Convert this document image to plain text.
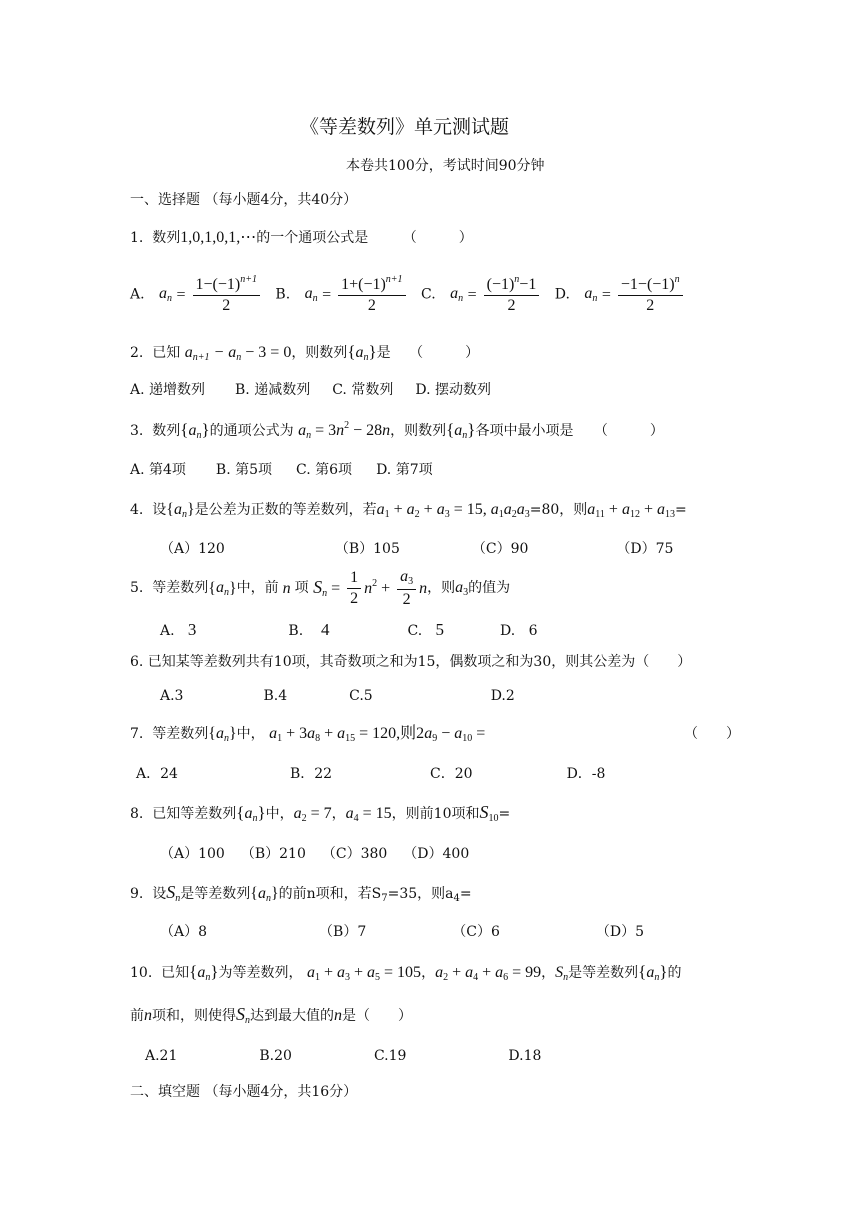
《等差数列》单元测试题
本卷共100分，考试时间90分钟
一、选择题 （每小题4分，共40分）
1. 数列1,0,1,0,1,⋯的一个通项公式是 （　　　）
A. $a_n = \frac{1-(-1)^{n+1}}{2} B$. $a_n = \frac{1+(-1)^{n+1}}{2} C$. $a_n = \frac{(-1)^n-1}{2} D$. $a_n = \frac{-1-(-1)^n}{2}$
2. 已知 $a_{n+1} - a_n - 3 = 0$，则数列$\{a_n\}$是 （　　　）
A. 递增数列 B. 递减数列 C. 常数列 D. 摆动数列
3. 数列$\{a_n\}$的通项公式为 $a_n = 3n^2 - 28n$，则数列$\{a_n\}$各项中最小项是 （　　　）
A. 第4项 B. 第5项 C. 第6项 D. 第7项
4. 设$\{a_n\}$是公差为正数的等差数列，若$a_1 + a_2 + a_3 = 15$, $a_1a_2a_3=80$，则$a_{11} + a_{12} + a_{13}=$
（A）120	（B）105	（C）90	（D）75
5. 等差数列$\{a_n\}$中，前 n 项 $S_n = \frac{1}{2} n^2 + \frac{a_3}{2}$ n，则$a_3$的值为
A. 3	B. 4	C. 5	D. 6
6. 已知某等差数列共有10项，其奇数项之和为15，偶数项之和为30，则其公差为（　　）
A.3	B.4	C.5	D.2
7. 等差数列$\{a_n\}$中， $a_1 + 3a_8 + a_{15} = 120$,则$2a_9 - a_{10}$ =	（　　）
A．24	B．22	C．20	D．-8
8. 已知等差数列$\{a_n\}$中，$a_2 = 7$，$a_4 = 15$，则前10项和$S_{10}=$
（A）100 （B）210 （C）380 （D）400
9. 设$S_n$是等差数列$\{a_n\}$的前n项和，若$S_7=35$，则$a_4=$
（A）8	（B）7	（C）6	（D）5
10. 已知$\{a_n\}$为等差数列， $a_1 + a_3 + a_5 = 105$，$a_2 + a_4 + a_6 = 99$，$S_n$是等差数列$\{a_n\}$的
前n项和，则使得$S_n$达到最大值的n是（　　）
A.21	B.20	C.19	D.18
二、填空题 （每小题4分，共16分）
